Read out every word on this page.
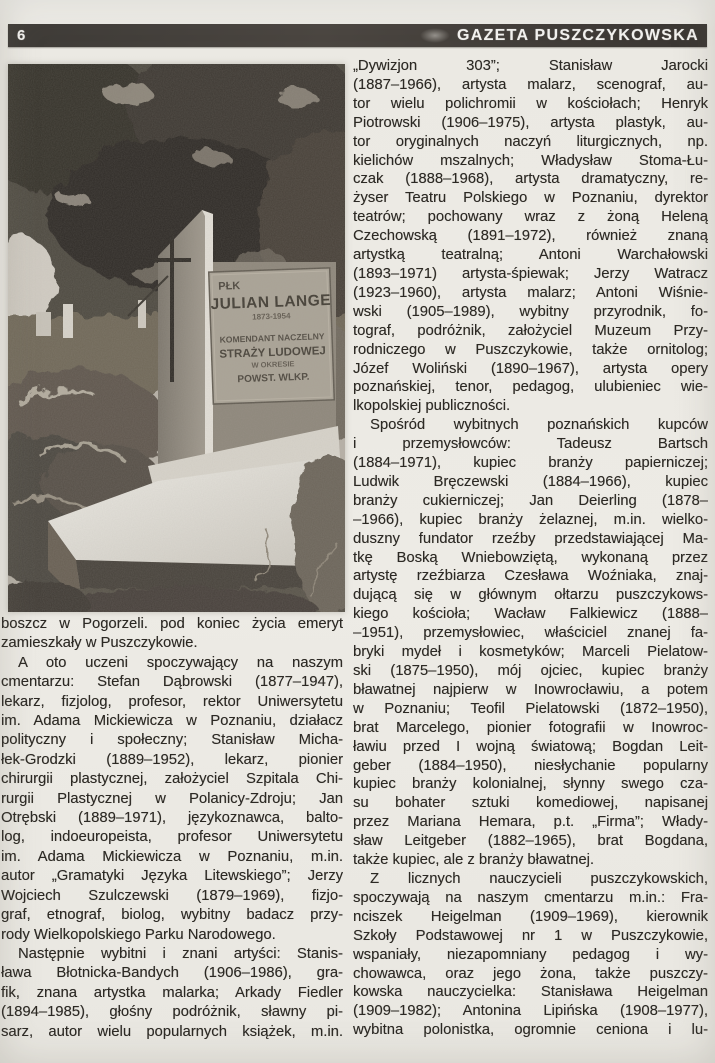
6	GAZETA PUSZCZYKOWSKA
boszcz w Pogorzeli. pod koniec życia emeryt
zamieszkały w Puszczykowie.
A oto uczeni spoczywający na naszym
cmentarzu: Stefan Dąbrowski (1877–1947),
lekarz, fizjolog, profesor, rektor Uniwersytetu
im. Adama Mickiewicza w Poznaniu, działacz
polityczny i społeczny; Stanisław Micha-
łek-Grodzki (1889–1952), lekarz, pionier
chirurgii plastycznej, założyciel Szpitala Chi-
rurgii Plastycznej w Polanicy-Zdroju; Jan
Otrębski (1889–1971), językoznawca, balto-
log, indoeuropeista, profesor Uniwersytetu
im. Adama Mickiewicza w Poznaniu, m.in.
autor „Gramatyki Języka Litewskiego”; Jerzy
Wojciech Szulczewski (1879–1969), fizjo-
graf, etnograf, biolog, wybitny badacz przy-
rody Wielkopolskiego Parku Narodowego.
Następnie wybitni i znani artyści: Stanis-
ława Błotnicka-Bandych (1906–1986), gra-
fik, znana artystka malarka; Arkady Fiedler
(1894–1985), głośny podróżnik, sławny pi-
sarz, autor wielu popularnych książek, m.in.
„Dywizjon 303”; Stanisław Jarocki
(1887–1966), artysta malarz, scenograf, au-
tor wielu polichromii w kościołach; Henryk
Piotrowski (1906–1975), artysta plastyk, au-
tor oryginalnych naczyń liturgicznych, np.
kielichów mszalnych; Władysław Stoma-Łu-
czak (1888–1968), artysta dramatyczny, re-
żyser Teatru Polskiego w Poznaniu, dyrektor
teatrów; pochowany wraz z żoną Heleną
Czechowską (1891–1972), również znaną
artystką teatralną; Antoni Warchałowski
(1893–1971) artysta-śpiewak; Jerzy Watracz
(1923–1960), artysta malarz; Antoni Wiśnie-
wski (1905–1989), wybitny przyrodnik, fo-
tograf, podróżnik, założyciel Muzeum Przy-
rodniczego w Puszczykowie, także ornitolog;
Józef Woliński (1890–1967), artysta opery
poznańskiej, tenor, pedagog, ulubieniec wie-
lkopolskiej publiczności.
Spośród wybitnych poznańskich kupców
i przemysłowców: Tadeusz Bartsch
(1884–1971), kupiec branży papierniczej;
Ludwik Bręczewski (1884–1966), kupiec
branży cukierniczej; Jan Deierling (1878–
–1966), kupiec branży żelaznej, m.in. wielko-
duszny fundator rzeźby przedstawiającej Ma-
tkę Boską Wniebowziętą, wykonaną przez
artystę rzeźbiarza Czesława Woźniaka, znaj-
dującą się w głównym ołtarzu puszczykows-
kiego kościoła; Wacław Falkiewicz (1888–
–1951), przemysłowiec, właściciel znanej fa-
bryki mydeł i kosmetyków; Marceli Pielatow-
ski (1875–1950), mój ojciec, kupiec branży
bławatnej najpierw w Inowrocławiu, a potem
w Poznaniu; Teofil Pielatowski (1872–1950),
brat Marcelego, pionier fotografii w Inowroc-
ławiu przed I wojną światową; Bogdan Leit-
geber (1884–1950), niesłychanie popularny
kupiec branży kolonialnej, słynny swego cza-
su bohater sztuki komediowej, napisanej
przez Mariana Hemara, p.t. „Firma”; Włady-
sław Leitgeber (1882–1965), brat Bogdana,
także kupiec, ale z branży bławatnej.
Z licznych nauczycieli puszczykowskich,
spoczywają na naszym cmentarzu m.in.: Fra-
nciszek Heigelman (1909–1969), kierownik
Szkoły Podstawowej nr 1 w Puszczykowie,
wspaniały, niezapomniany pedagog i wy-
chowawca, oraz jego żona, także puszczy-
kowska nauczycielka: Stanisława Heigelman
(1909–1982); Antonina Lipińska (1908–1977),
wybitna polonistka, ogromnie ceniona i lu-
